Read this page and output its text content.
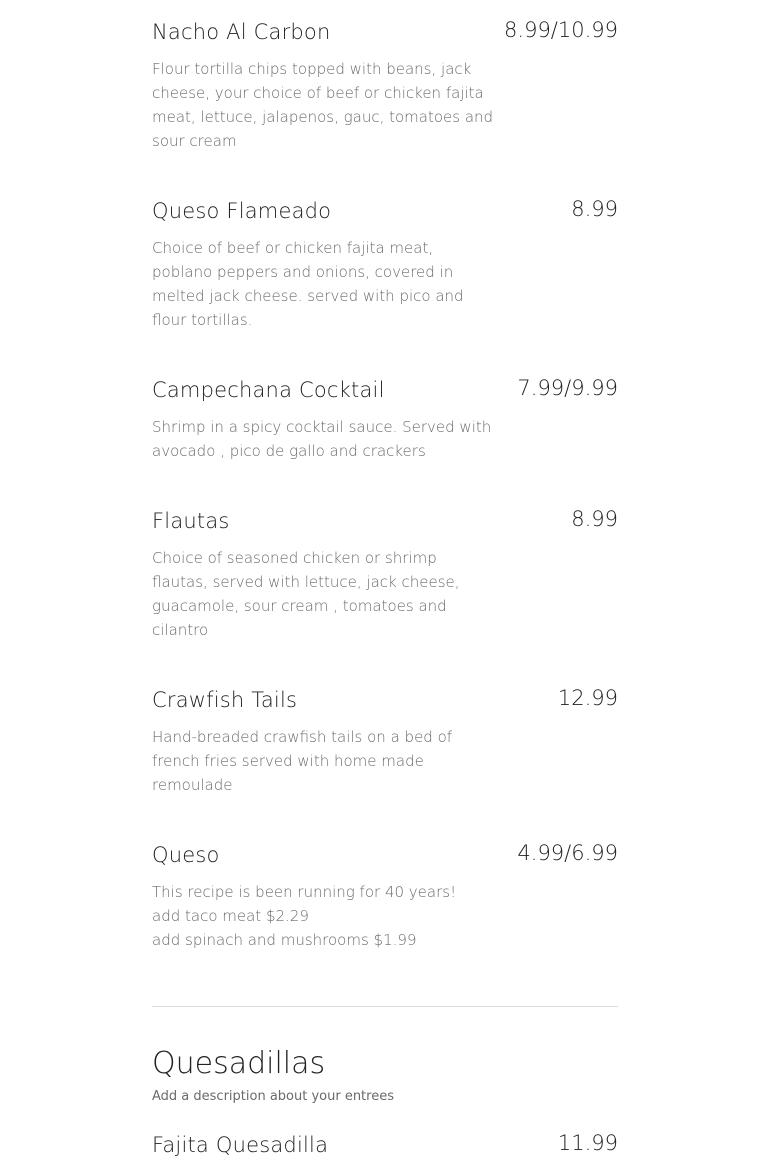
Nacho Al Carbon	8.99/10.99
Flour tortilla chips topped with beans, jack
cheese, your choice of beef or chicken fajita
meat, lettuce, jalapenos, gauc, tomatoes and
sour cream
Queso Flameado	8.99
Choice of beef or chicken fajita meat,
poblano peppers and onions, covered in
melted jack cheese. served with pico and
flour tortillas.
Campechana Cocktail	7.99/9.99
Shrimp in a spicy cocktail sauce. Served with
avocado , pico de gallo and crackers
Flautas	8.99
Choice of seasoned chicken or shrimp
flautas, served with lettuce, jack cheese,
guacamole, sour cream , tomatoes and
cilantro
Crawfish Tails	12.99
Hand-breaded crawfish tails on a bed of
french fries served with home made
remoulade
Queso	4.99/6.99
This recipe is been running for 40 years!
add taco meat $2.29
add spinach and mushrooms $1.99
Quesadillas
Add a description about your entrees
Fajita Quesadilla	11.99
